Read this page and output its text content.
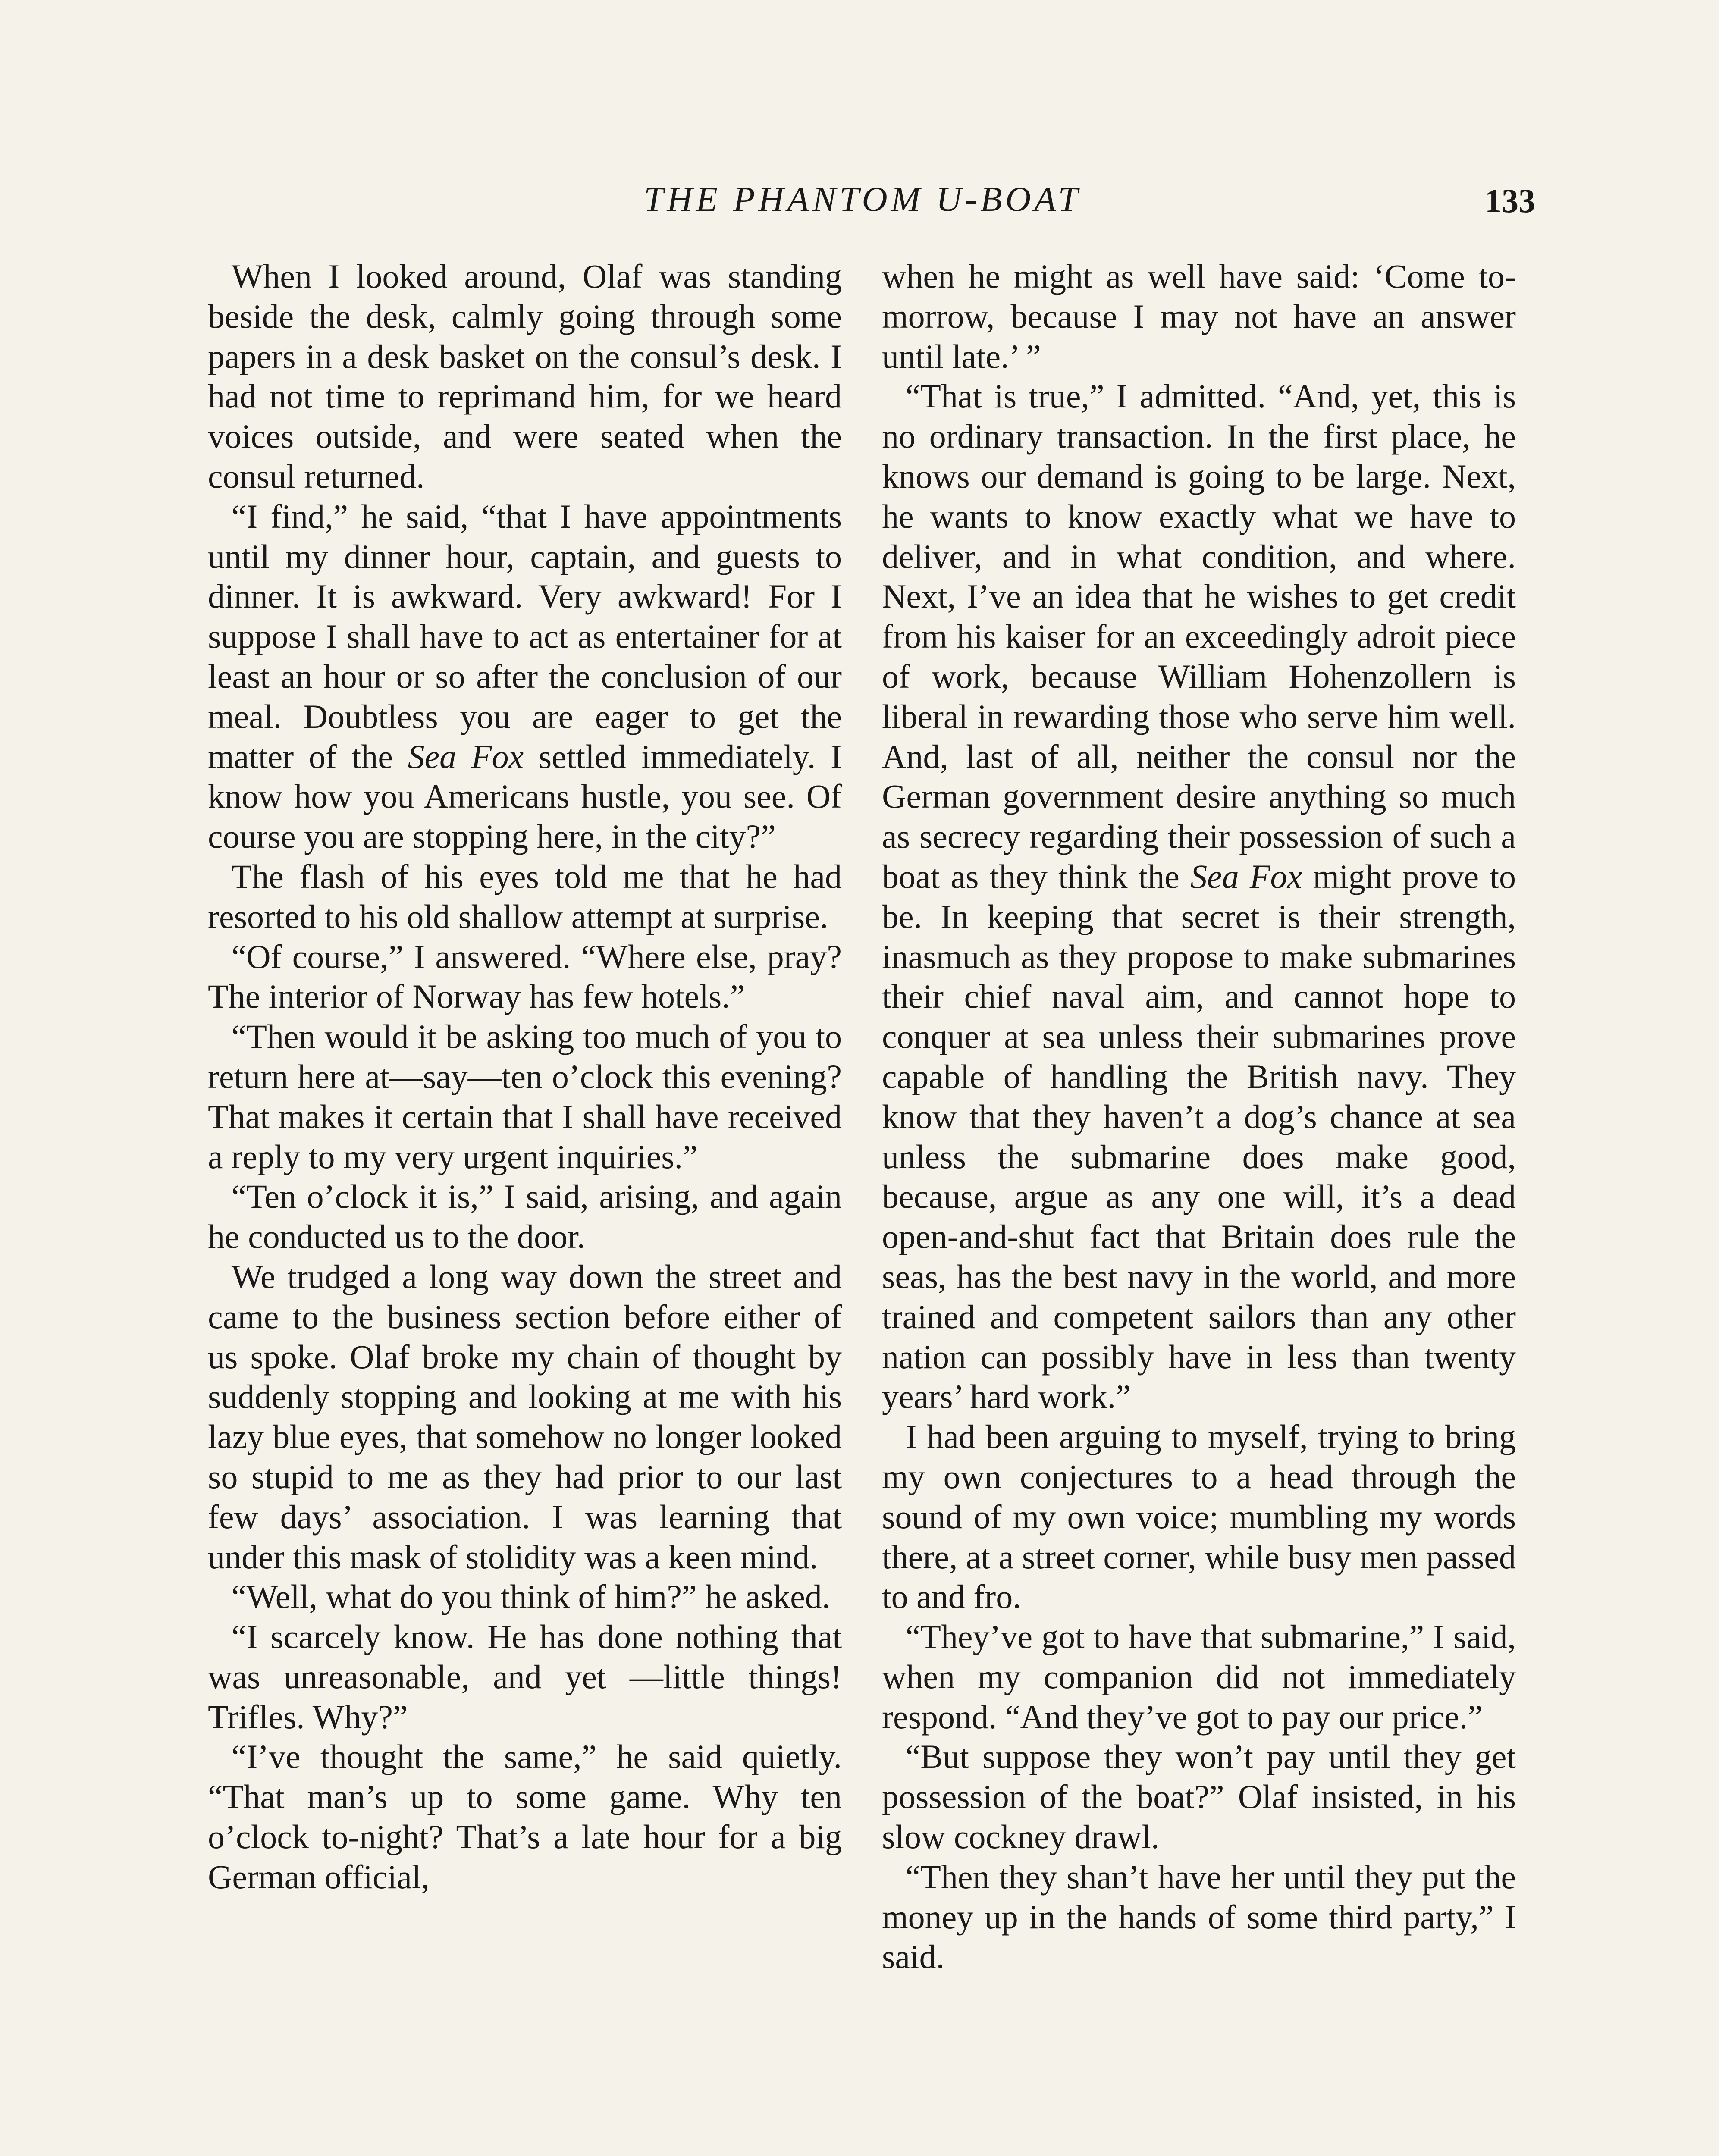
THE PHANTOM U-BOAT	133

When I looked around, Olaf was standing beside the desk, calmly going through some papers in a desk basket on the consul’s desk. I had not time to reprimand him, for we heard voices outside, and were seated when the consul returned.

“I find,” he said, “that I have appointments until my dinner hour, captain, and guests to dinner. It is awkward. Very awkward! For I suppose I shall have to act as entertainer for at least an hour or so after the conclusion of our meal. Doubtless you are eager to get the matter of the Sea Fox settled immediately. I know how you Americans hustle, you see. Of course you are stopping here, in the city?”

The flash of his eyes told me that he had resorted to his old shallow attempt at surprise.

“Of course,” I answered. “Where else, pray? The interior of Norway has few hotels.”

“Then would it be asking too much of you to return here at—say—ten o’clock this evening? That makes it certain that I shall have received a reply to my very urgent inquiries.”

“Ten o’clock it is,” I said, arising, and again he conducted us to the door.

We trudged a long way down the street and came to the business section before either of us spoke. Olaf broke my chain of thought by suddenly stopping and looking at me with his lazy blue eyes, that somehow no longer looked so stupid to me as they had prior to our last few days’ association. I was learning that under this mask of stolidity was a keen mind.

“Well, what do you think of him?” he asked.

“I scarcely know. He has done nothing that was unreasonable, and yet —little things! Trifles. Why?”

“I’ve thought the same,” he said quietly. “That man’s up to some game. Why ten o’clock to-night? That’s a late hour for a big German official,

when he might as well have said: ‘Come to-morrow, because I may not have an answer until late.’ ”

“That is true,” I admitted. “And, yet, this is no ordinary transaction. In the first place, he knows our demand is going to be large. Next, he wants to know exactly what we have to deliver, and in what condition, and where. Next, I’ve an idea that he wishes to get credit from his kaiser for an exceedingly adroit piece of work, because William Hohenzollern is liberal in rewarding those who serve him well. And, last of all, neither the consul nor the German government desire anything so much as secrecy regarding their possession of such a boat as they think the Sea Fox might prove to be. In keeping that secret is their strength, inasmuch as they propose to make submarines their chief naval aim, and cannot hope to conquer at sea unless their submarines prove capable of handling the British navy. They know that they haven’t a dog’s chance at sea unless the submarine does make good, because, argue as any one will, it’s a dead open-and-shut fact that Britain does rule the seas, has the best navy in the world, and more trained and competent sailors than any other nation can possibly have in less than twenty years’ hard work.”

I had been arguing to myself, trying to bring my own conjectures to a head through the sound of my own voice; mumbling my words there, at a street corner, while busy men passed to and fro.

“They’ve got to have that submarine,” I said, when my companion did not immediately respond. “And they’ve got to pay our price.”

“But suppose they won’t pay until they get possession of the boat?” Olaf insisted, in his slow cockney drawl.

“Then they shan’t have her until they put the money up in the hands of some third party,” I said.
